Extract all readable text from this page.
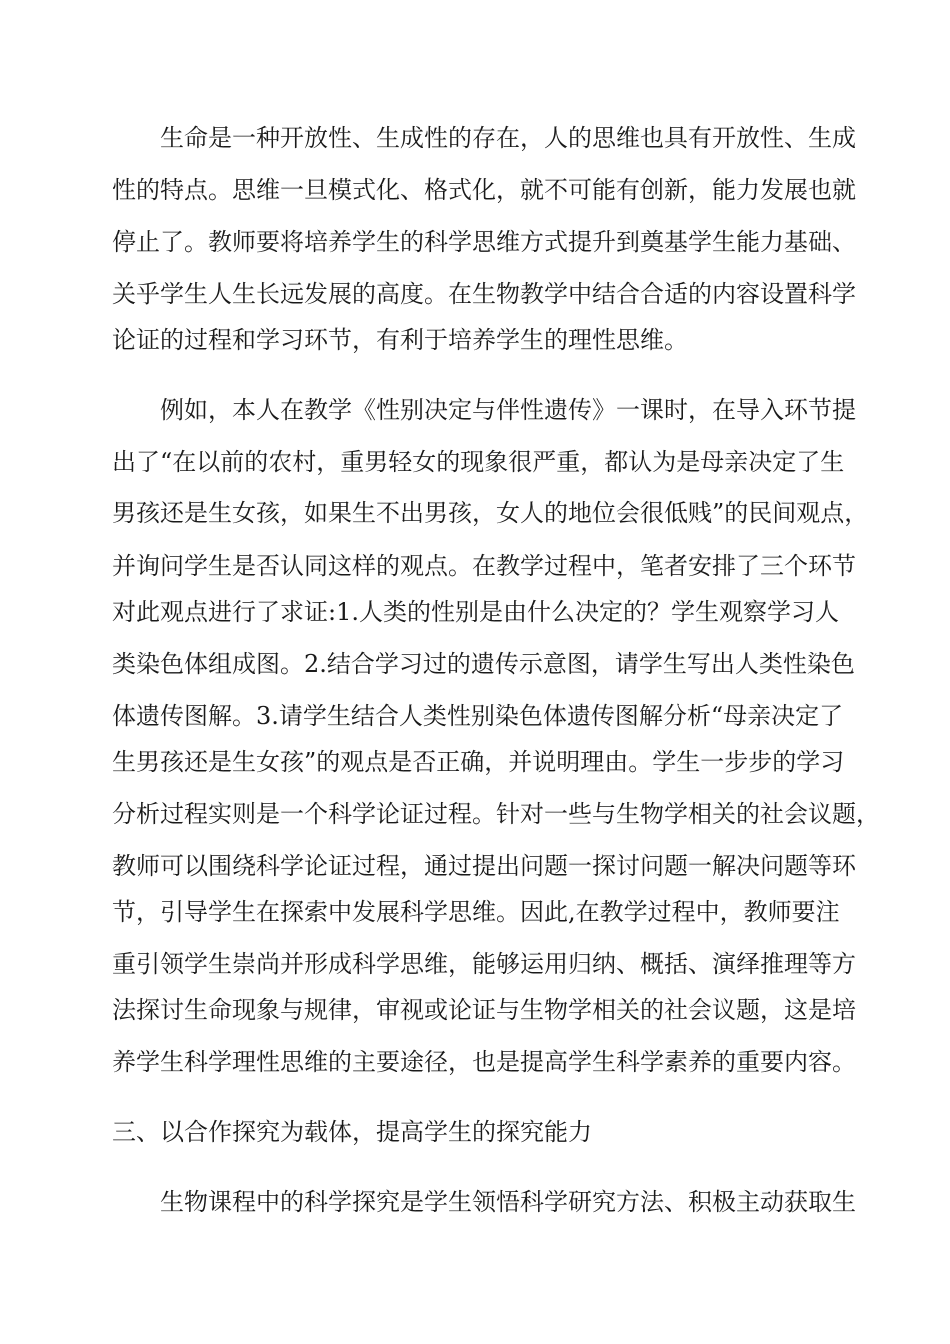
生命是一种开放性、生成性的存在，人的思维也具有开放性、生成
性的特点。思维一旦模式化、格式化，就不可能有创新，能力发展也就
停止了。教师要将培养学生的科学思维方式提升到奠基学生能力基础、
关乎学生人生长远发展的高度。在生物教学中结合合适的内容设置科学
论证的过程和学习环节，有利于培养学生的理性思维。
例如，本人在教学《性别决定与伴性遗传》一课时，在导入环节提
出了“在以前的农村，重男轻女的现象很严重，都认为是母亲决定了生
男孩还是生女孩，如果生不出男孩，女人的地位会很低贱”的民间观点，
并询问学生是否认同这样的观点。在教学过程中，笔者安排了三个环节
对此观点进行了求证:1.人类的性别是由什么决定的？学生观察学习人
类染色体组成图。2.结合学习过的遗传示意图，请学生写出人类性染色
体遗传图解。3.请学生结合人类性别染色体遗传图解分析“母亲决定了
生男孩还是生女孩”的观点是否正确，并说明理由。学生一步步的学习
分析过程实则是一个科学论证过程。针对一些与生物学相关的社会议题，
教师可以围绕科学论证过程，通过提出问题一探讨问题一解决问题等环
节，引导学生在探索中发展科学思维。因此,在教学过程中，教师要注
重引领学生崇尚并形成科学思维，能够运用归纳、概括、演绎推理等方
法探讨生命现象与规律，审视或论证与生物学相关的社会议题，这是培
养学生科学理性思维的主要途径，也是提高学生科学素养的重要内容。
三、以合作探究为载体，提高学生的探究能力
生物课程中的科学探究是学生领悟科学研究方法、积极主动获取生
